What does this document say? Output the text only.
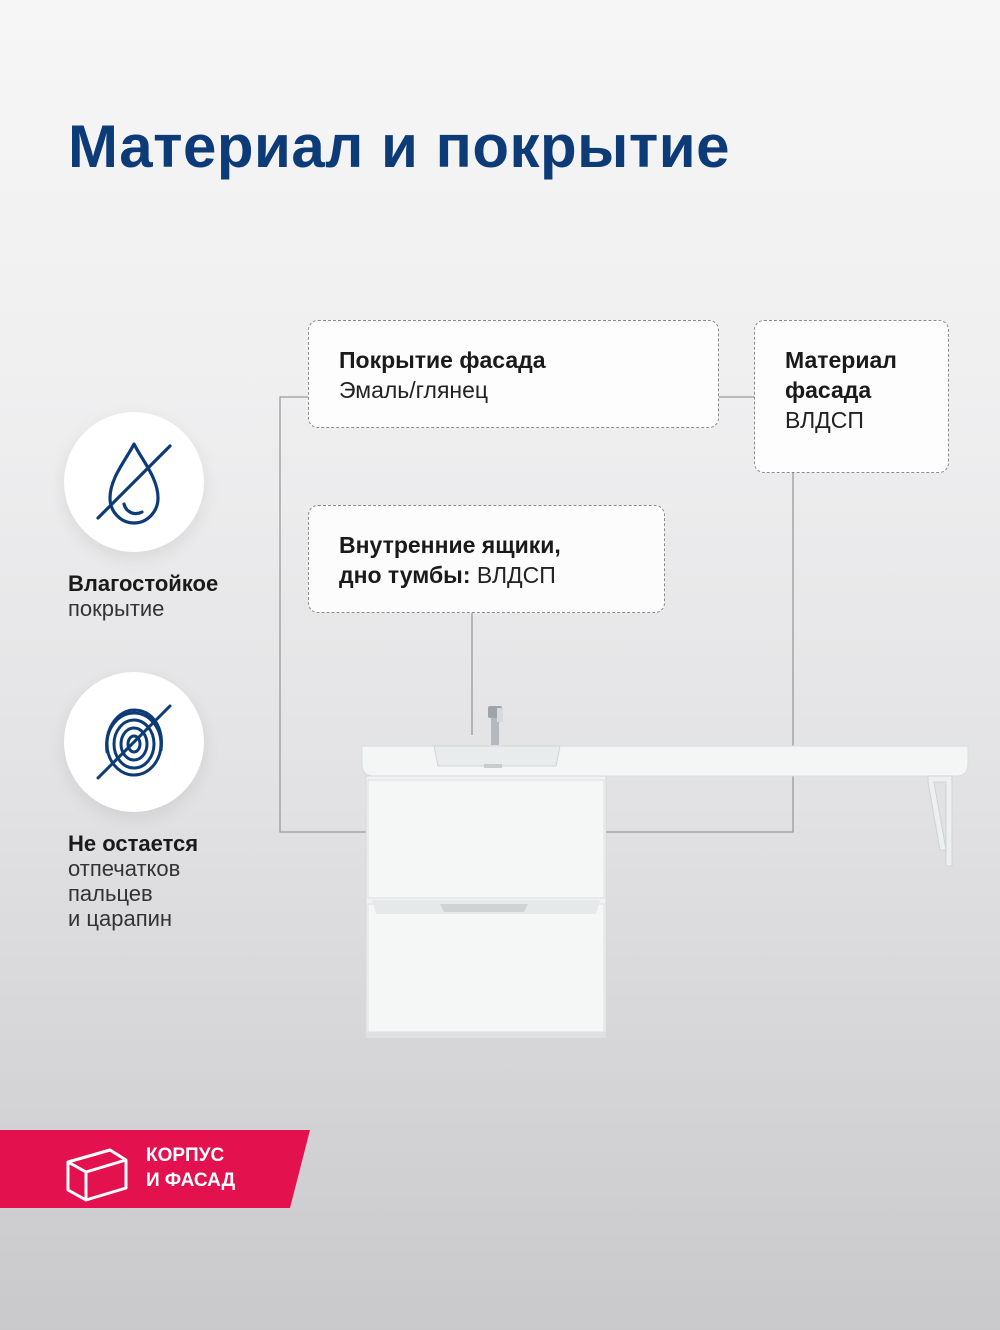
Материал и покрытие
Покрытие фасада
Эмаль/глянец
Материал
фасада
ВЛДСП
Внутренние ящики,
дно тумбы: ВЛДСП
Влагостойкое
покрытие
Не остается
отпечатков
пальцев
и царапин
КОРПУС
И ФАСАД
